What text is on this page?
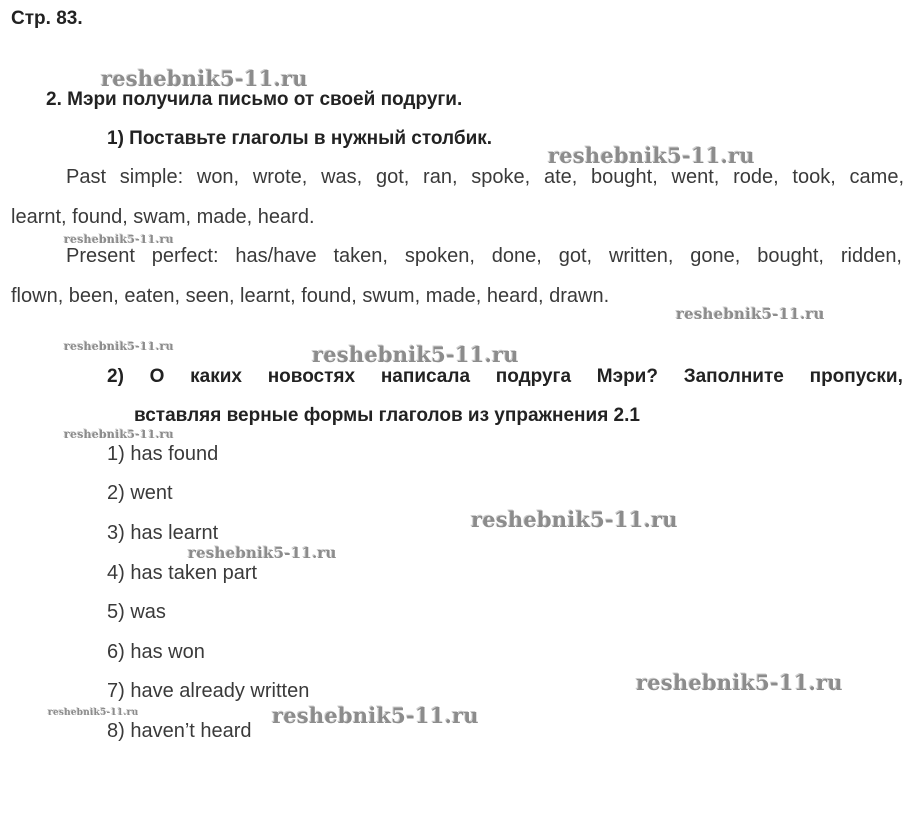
Стр. 83.
2. Мэри получила письмо от своей подруги.
1) Поставьте глаголы в нужный столбик.
Past simple: won, wrote, was, got, ran, spoke, ate, bought, went, rode, took, came,
learnt, found, swam, made, heard.
Present perfect: has/have taken, spoken, done, got, written, gone, bought, ridden,
flown, been, eaten, seen, learnt, found, swum, made, heard, drawn.
2) О каких новостях написала подруга Мэри? Заполните пропуски,
вставляя верные формы глаголов из упражнения 2.1
1) has found
2) went
3) has learnt
4) has taken part
5) was
6) has won
7) have already written
8) haven’t heard
reshebnik5-11.ru
reshebnik5-11.ru
reshebnik5-11.ru
reshebnik5-11.ru
reshebnik5-11.ru	reshebnik5-11.ru
reshebnik5-11.ru
reshebnik5-11.ru
reshebnik5-11.ru
reshebnik5-11.ru
reshebnik5-11.ru	reshebnik5-11.ru
